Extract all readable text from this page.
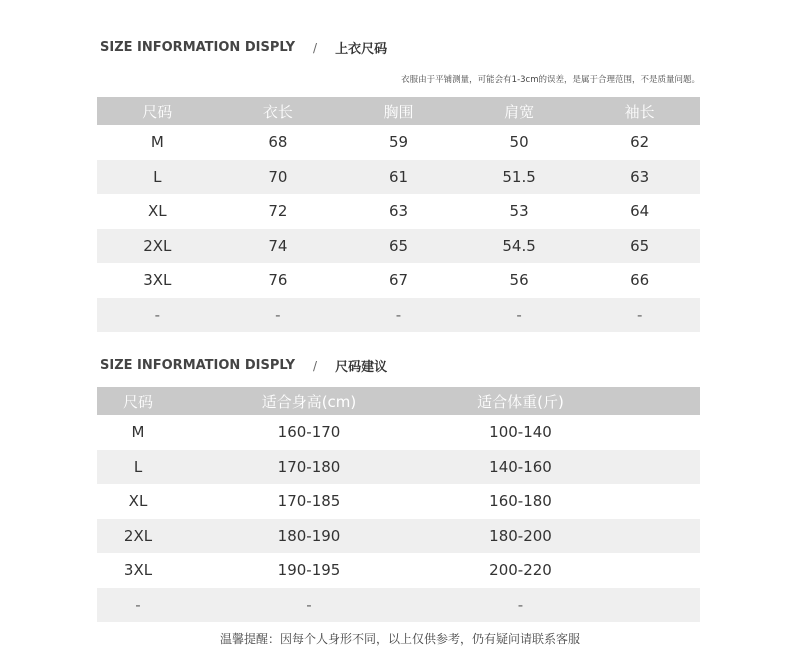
SIZE INFORMATION DISPLY / 上衣尺码
衣服由于平铺测量，可能会有1-3cm的误差，是属于合理范围，不是质量问题。
尺码	衣长	胸围	肩宽	袖长
M	68	59	50	62
L	70	61	51.5	63
XL	72	63	53	64
2XL	74	65	54.5	65
3XL	76	67	56	66
-	-	-	-	-
SIZE INFORMATION DISPLY / 尺码建议
尺码	适合身高(cm)	适合体重(斤)	
M	160-170	100-140	
L	170-180	140-160	
XL	170-185	160-180	
2XL	180-190	180-200	
3XL	190-195	200-220	
-	-	-	
温馨提醒：因每个人身形不同，以上仅供参考，仍有疑问请联系客服
